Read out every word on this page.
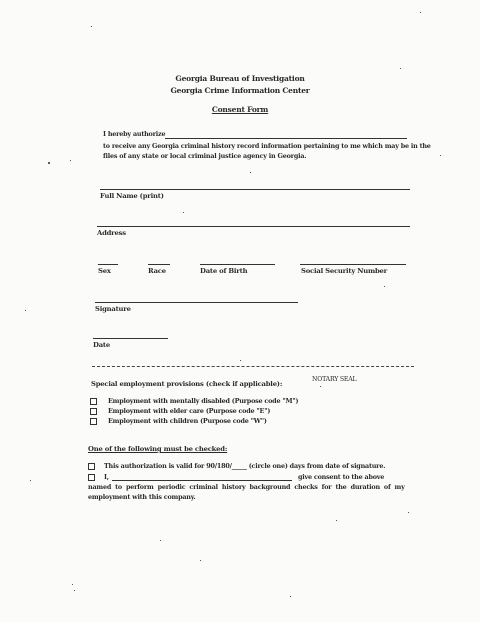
Georgia Bureau of Investigation
Georgia Crime Information Center
Consent Form
I hereby authorize
to receive any Georgia criminal history record information pertaining to me which may be in the
files of any state or local criminal justice agency in Georgia.
Full Name (print)
Address
Sex	Race	Date of Birth	Social Security Number
Signature
Date
Special employment provisions (check if applicable):
NOTARY SEAL
Employment with mentally disabled (Purpose code "M")
Employment with elder care (Purpose code "E")
Employment with children (Purpose code "W")
One of the following must be checked:
This authorization is valid for 90/180/_____ (circle one) days from date of signature.
I,	give consent to the above
named to perform periodic criminal history background checks for the duration of my
employment with this company.
